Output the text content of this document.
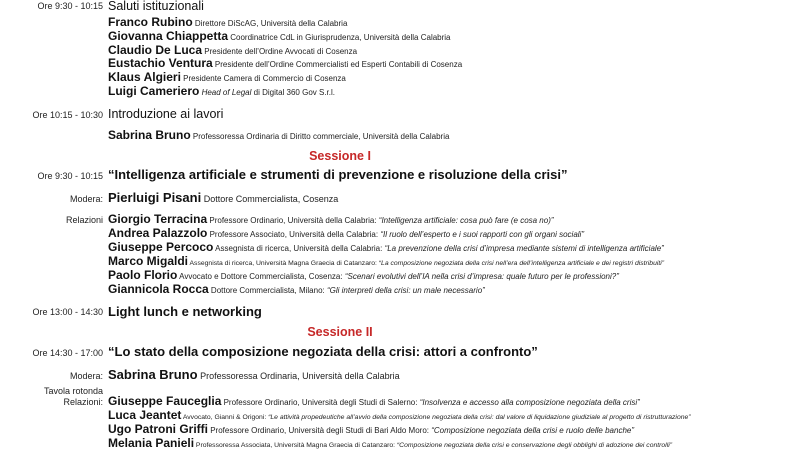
Ore 9:30 - 10:15 Saluti istituzionali
Franco Rubino Direttore DiScAG, Università della Calabria
Giovanna Chiappetta Coordinatrice CdL in Giurisprudenza, Università della Calabria
Claudio De Luca Presidente dell’Ordine Avvocati di Cosenza
Eustachio Ventura Presidente dell’Ordine Commercialisti ed Esperti Contabili di Cosenza
Klaus Algieri Presidente Camera di Commercio di Cosenza
Luigi Cameriero Head of Legal di Digital 360 Gov S.r.l.
Ore 10:15 - 10:30 Introduzione ai lavori
Sabrina Bruno Professoressa Ordinaria di Diritto commerciale, Università della Calabria
Sessione I
Ore 9:30 - 10:15 “Intelligenza artificiale e strumenti di prevenzione e risoluzione della crisi”
Modera: Pierluigi Pisani Dottore Commercialista, Cosenza
Relazioni Giorgio Terracina Professore Ordinario, Università della Calabria: “Intelligenza artificiale: cosa può fare (e cosa no)”
Andrea Palazzolo Professore Associato, Università della Calabria: “Il ruolo dell’esperto e i suoi rapporti con gli organi sociali”
Giuseppe Percoco Assegnista di ricerca, Università della Calabria: “La prevenzione della crisi d’impresa mediante sistemi di intelligenza artificiale”
Marco Migaldi Assegnista di ricerca, Università Magna Graecia di Catanzaro: “La composizione negoziata della crisi nell’era dell’intelligenza artificiale e dei registri distribuiti”
Paolo Florio Avvocato e Dottore Commercialista, Cosenza: “Scenari evolutivi dell’IA nella crisi d’impresa: quale futuro per le professioni?”
Giannicola Rocca Dottore Commercialista, Milano: “Gli interpreti della crisi: un male necessario”
Ore 13:00 - 14:30 Light lunch e networking
Sessione II
Ore 14:30 - 17:00 “Lo stato della composizione negoziata della crisi: attori a confronto”
Modera: Sabrina Bruno Professoressa Ordinaria, Università della Calabria
Tavola rotonda
Relazioni: Giuseppe Fauceglia Professore Ordinario, Università degli Studi di Salerno: “Insolvenza e accesso alla composizione negoziata della crisi”
Luca Jeantet Avvocato, Gianni & Origoni: “Le attività propedeutiche all’avvio della composizione negoziata della crisi: dal valore di liquidazione giudiziale al progetto di ristrutturazione”
Ugo Patroni Griffi Professore Ordinario, Università degli Studi di Bari Aldo Moro: “Composizione negoziata della crisi e ruolo delle banche”
Melania Panieli Professoressa Associata, Università Magna Graecia di Catanzaro: “Composizione negoziata della crisi e conservazione degli obblighi di adozione dei controlli”
